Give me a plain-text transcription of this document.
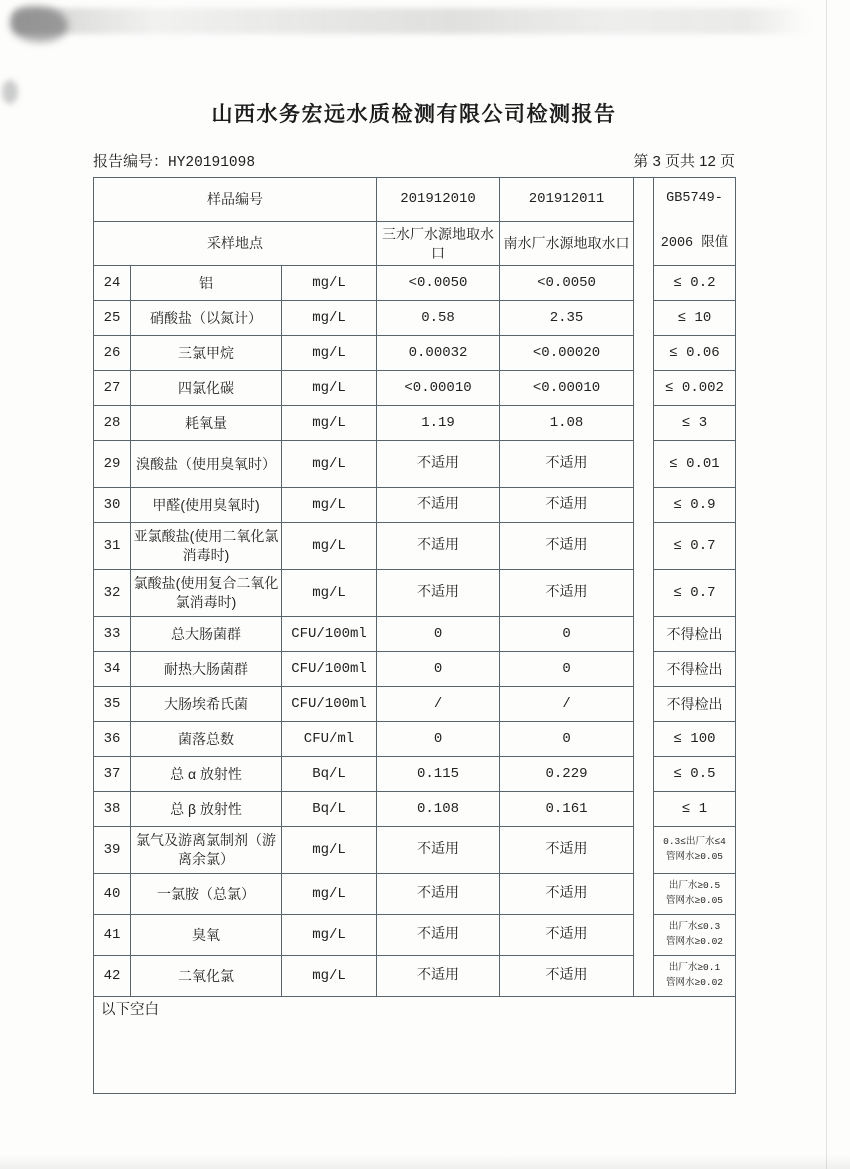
山西水务宏远水质检测有限公司检测报告
报告编号：HY20191098	第 3 页共 12 页
样品编号			201912010	201912011		GB5749-
2006 限值

采样地点			三水厂水源地取水口	南水厂水源地取水口		
24	铝	mg/L	<0.0050	<0.0050		≤ 0.2
25	硝酸盐（以氮计）	mg/L	0.58	2.35		≤ 10
26	三氯甲烷	mg/L	0.00032	<0.00020		≤ 0.06
27	四氯化碳	mg/L	<0.00010	<0.00010		≤ 0.002
28	耗氧量	mg/L	1.19	1.08		≤ 3
29	溴酸盐（使用臭氧时）	mg/L	不适用	不适用		≤ 0.01
30	甲醛(使用臭氧时)	mg/L	不适用	不适用		≤ 0.9
31	亚氯酸盐(使用二氧化氯消毒时)	mg/L	不适用	不适用		≤ 0.7
32	氯酸盐(使用复合二氧化氯消毒时)	mg/L	不适用	不适用		≤ 0.7
33	总大肠菌群	CFU/100ml	0	0		不得检出
34	耐热大肠菌群	CFU/100ml	0	0		不得检出
35	大肠埃希氏菌	CFU/100ml	/	/		不得检出
36	菌落总数	CFU/ml	0	0		≤ 100
37	总 α 放射性	Bq/L	0.115	0.229		≤ 0.5
38	总 β 放射性	Bq/L	0.108	0.161		≤ 1
39	氯气及游离氯制剂（游离余氯）	mg/L	不适用	不适用		0.3≤出厂水≤4
管网水≥0.05

40	一氯胺（总氯）	mg/L	不适用	不适用		出厂水≥0.5
管网水≥0.05

41	臭氧	mg/L	不适用	不适用		出厂水≤0.3
管网水≥0.02

42	二氧化氯	mg/L	不适用	不适用		出厂水≥0.1
管网水≥0.02

以下空白						
